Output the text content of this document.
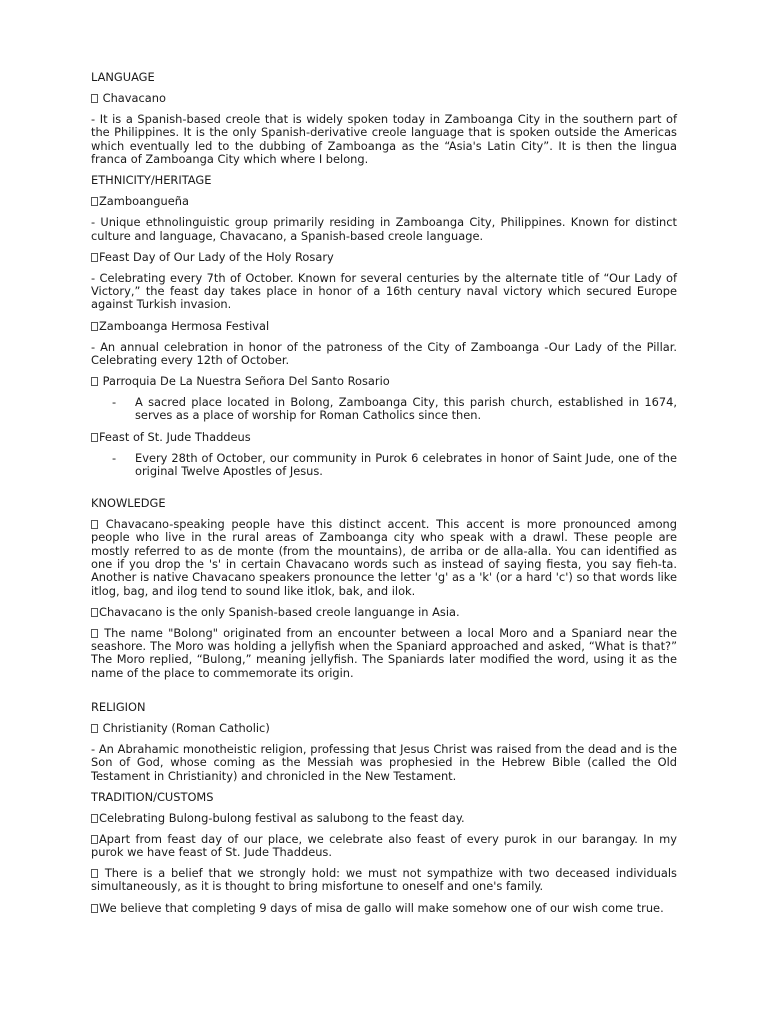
LANGUAGE

Chavacano

- It is a Spanish-based creole that is widely spoken today in Zamboanga City in the southern part of the Philippines. It is the only Spanish-derivative creole language that is spoken outside the Americas which eventually led to the dubbing of Zamboanga as the “Asia's Latin City”. It is then the lingua franca of Zamboanga City which where I belong.

ETHNICITY/HERITAGE

Zamboangueña

- Unique ethnolinguistic group primarily residing in Zamboanga City, Philippines. Known for distinct culture and language, Chavacano, a Spanish-based creole language.

Feast Day of Our Lady of the Holy Rosary

- Celebrating every 7th of October. Known for several centuries by the alternate title of “Our Lady of Victory,” the feast day takes place in honor of a 16th century naval victory which secured Europe against Turkish invasion.

Zamboanga Hermosa Festival

- An annual celebration in honor of the patroness of the City of Zamboanga -Our Lady of the Pillar. Celebrating every 12th of October.

Parroquia De La Nuestra Señora Del Santo Rosario

- A sacred place located in Bolong, Zamboanga City, this parish church, established in 1674, serves as a place of worship for Roman Catholics since then.

Feast of St. Jude Thaddeus

- Every 28th of October, our community in Purok 6 celebrates in honor of Saint Jude, one of the original Twelve Apostles of Jesus.

KNOWLEDGE

Chavacano-speaking people have this distinct accent. This accent is more pronounced among people who live in the rural areas of Zamboanga city who speak with a drawl. These people are mostly referred to as de monte (from the mountains), de arriba or de alla-alla. You can identified as one if you drop the 's' in certain Chavacano words such as instead of saying fiesta, you say fieh-ta. Another is native Chavacano speakers pronounce the letter 'g' as a 'k' (or a hard 'c') so that words like itlog, bag, and ilog tend to sound like itlok, bak, and ilok.

Chavacano is the only Spanish-based creole languange in Asia.

The name "Bolong" originated from an encounter between a local Moro and a Spaniard near the seashore. The Moro was holding a jellyfish when the Spaniard approached and asked, “What is that?” The Moro replied, “Bulong,” meaning jellyfish. The Spaniards later modified the word, using it as the name of the place to commemorate its origin.

RELIGION

Christianity (Roman Catholic)

- An Abrahamic monotheistic religion, professing that Jesus Christ was raised from the dead and is the Son of God, whose coming as the Messiah was prophesied in the Hebrew Bible (called the Old Testament in Christianity) and chronicled in the New Testament.

TRADITION/CUSTOMS

Celebrating Bulong-bulong festival as salubong to the feast day.

Apart from feast day of our place, we celebrate also feast of every purok in our barangay. In my purok we have feast of St. Jude Thaddeus.

There is a belief that we strongly hold: we must not sympathize with two deceased individuals simultaneously, as it is thought to bring misfortune to oneself and one's family.

We believe that completing 9 days of misa de gallo will make somehow one of our wish come true.
